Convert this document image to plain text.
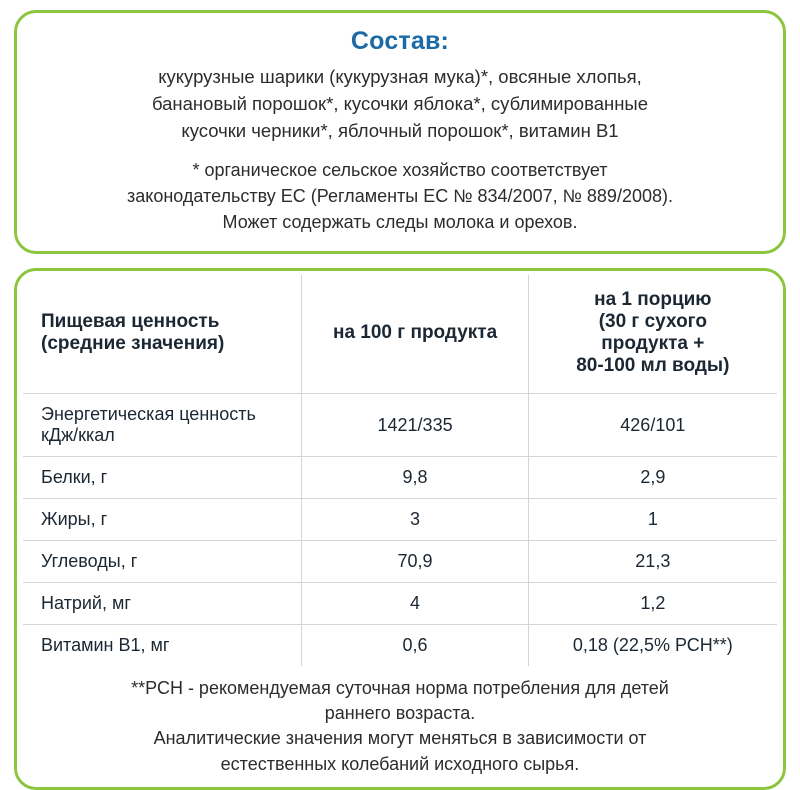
Состав:
кукурузные шарики (кукурузная мука)*, овсяные хлопья,
банановый порошок*, кусочки яблока*, сублимированные
кусочки черники*, яблочный порошок*, витамин В1
* органическое сельское хозяйство соответствует
законодательству ЕС (Регламенты ЕС № 834/2007, № 889/2008).
Может содержать следы молока и орехов.
Пищевая ценность
(средние значения)	на 100 г продукта	на 1 порцию
(30 г сухого
продукта +
80-100 мл воды)

Энергетическая ценность
кДж/ккал	1421/335	426/101

Белки, г	9,8	2,9

Жиры, г	3	1

Углеводы, г	70,9	21,3

Натрий, мг	4	1,2

Витамин В1, мг	0,6	0,18 (22,5% РСН**)
**РСН - рекомендуемая суточная норма потребления для детей
раннего возраста.
Аналитические значения могут меняться в зависимости от
естественных колебаний исходного сырья.
